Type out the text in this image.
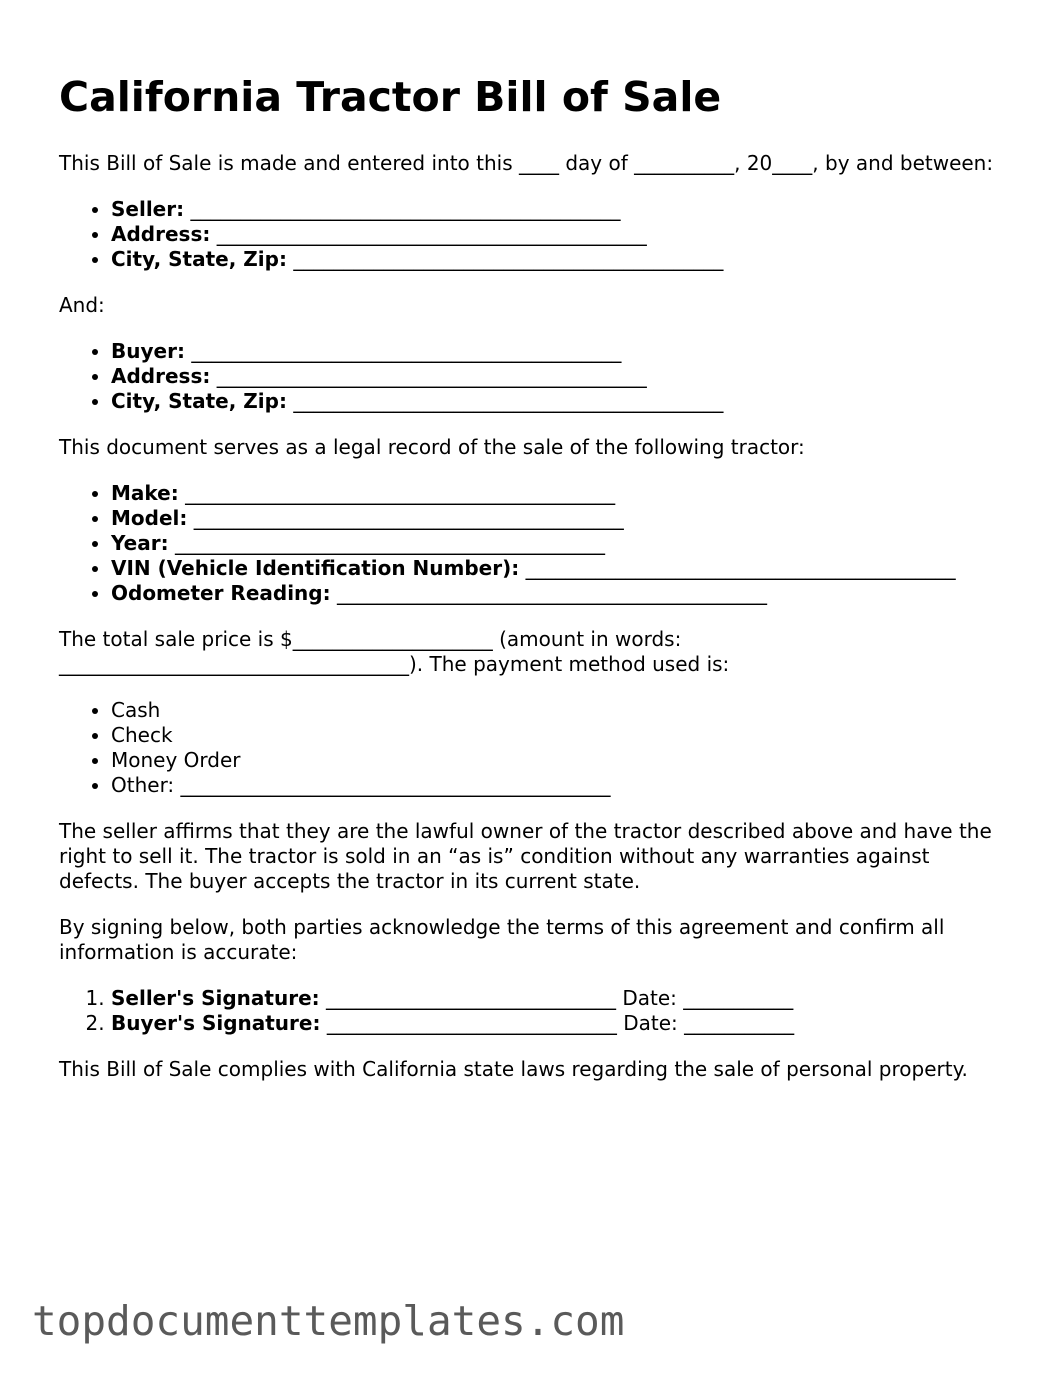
California Tractor Bill of Sale

This Bill of Sale is made and entered into this ____ day of __________, 20____, by and between:

• Seller: ___________________________________________
• Address: ___________________________________________
• City, State, Zip: ___________________________________________

And:

• Buyer: ___________________________________________
• Address: ___________________________________________
• City, State, Zip: ___________________________________________

This document serves as a legal record of the sale of the following tractor:

• Make: ___________________________________________
• Model: ___________________________________________
• Year: ___________________________________________
• VIN (Vehicle Identification Number): ___________________________________________
• Odometer Reading: ___________________________________________

The total sale price is $____________________ (amount in words: ___________________________________). The payment method used is:

• Cash
• Check
• Money Order
• Other: ___________________________________________

The seller affirms that they are the lawful owner of the tractor described above and have the right to sell it. The tractor is sold in an “as is” condition without any warranties against defects. The buyer accepts the tractor in its current state.

By signing below, both parties acknowledge the terms of this agreement and confirm all information is accurate:

1. Seller's Signature: _____________________________ Date: ___________
2. Buyer's Signature: _____________________________ Date: ___________

This Bill of Sale complies with California state laws regarding the sale of personal property.

topdocumenttemplates.com
